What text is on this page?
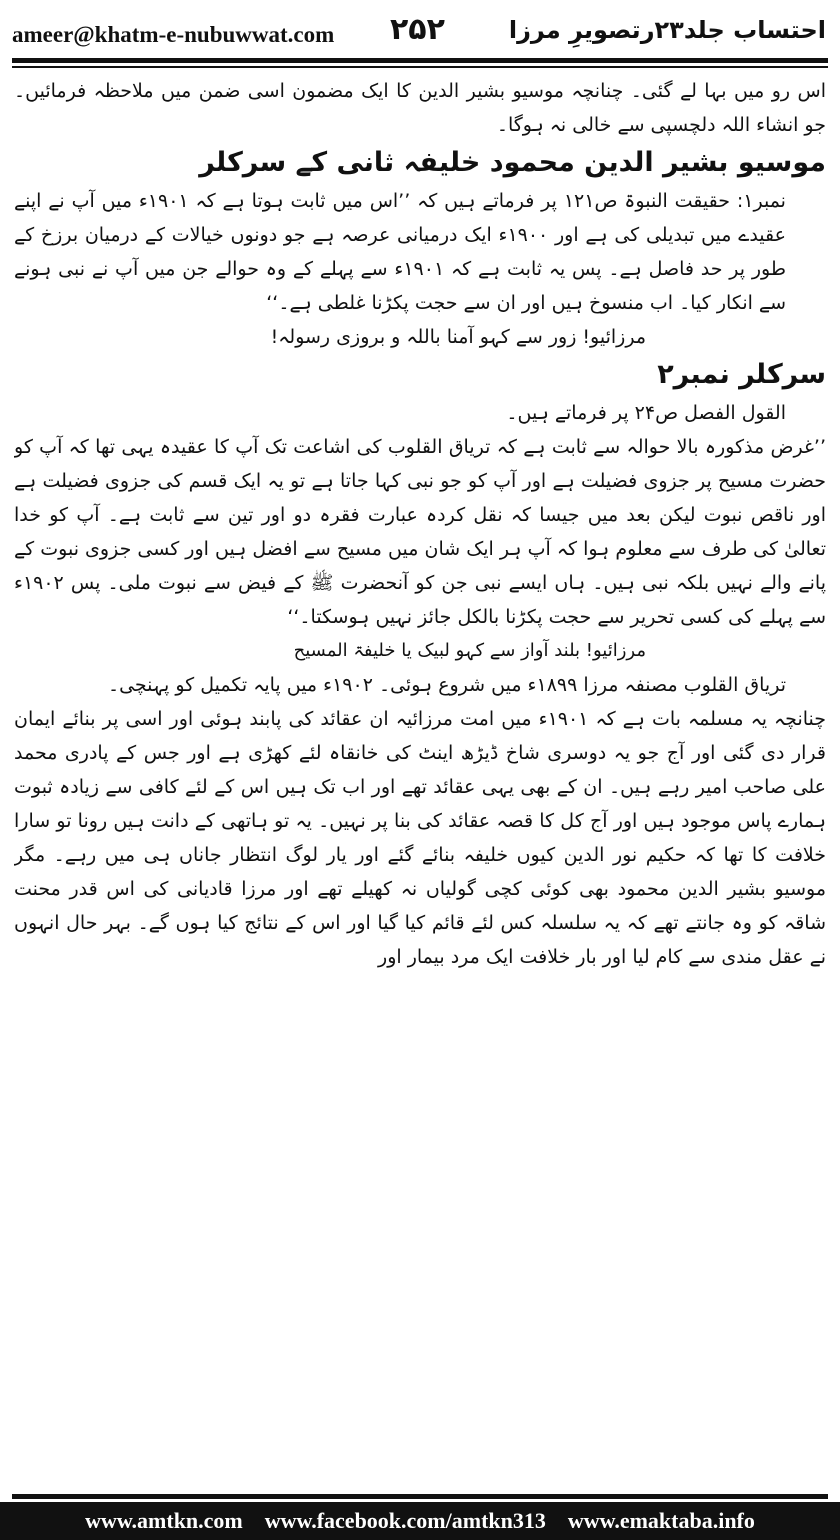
ameer@khatm-e-nubuwwat.com ۲۵۲	احتساب جلد۲۳رتصویرِ مرزا

اس رو میں بہا لے گئی۔ چنانچہ موسیو بشیر الدین کا ایک مضمون اسی ضمن میں ملاحظہ فرمائیں۔ جو انشاء اللہ دلچسپی سے خالی نہ ہوگا۔

موسیو بشیر الدین محمود خلیفہ ثانی کے سرکلر

نمبر۱: حقیقت النبوۃ ص۱۲۱ پر فرماتے ہیں کہ ’’اس میں ثابت ہوتا ہے کہ ۱۹۰۱ء میں آپ نے اپنے عقیدے میں تبدیلی کی ہے اور ۱۹۰۰ء ایک درمیانی عرصہ ہے جو دونوں خیالات کے درمیان برزخ کے طور پر حد فاصل ہے۔ پس یہ ثابت ہے کہ ۱۹۰۱ء سے پہلے کے وہ حوالے جن میں آپ نے نبی ہونے سے انکار کیا۔ اب منسوخ ہیں اور ان سے حجت پکڑنا غلطی ہے۔‘‘

مرزائیو! زور سے کہو آمنا باللہ و بروزی رسولہ!

سرکلر نمبر۲

القول الفصل ص۲۴ پر فرماتے ہیں۔

’’غرض مذکورہ بالا حوالہ سے ثابت ہے کہ تریاق القلوب کی اشاعت تک آپ کا عقیدہ یہی تھا کہ آپ کو حضرت مسیح پر جزوی فضیلت ہے اور آپ کو جو نبی کہا جاتا ہے تو یہ ایک قسم کی جزوی فضیلت ہے اور ناقص نبوت لیکن بعد میں جیسا کہ نقل کردہ عبارت فقرہ دو اور تین سے ثابت ہے۔ آپ کو خدا تعالیٰ کی طرف سے معلوم ہوا کہ آپ ہر ایک شان میں مسیح سے افضل ہیں اور کسی جزوی نبوت کے پانے والے نہیں بلکہ نبی ہیں۔ ہاں ایسے نبی جن کو آنحضرت ﷺ کے فیض سے نبوت ملی۔ پس ۱۹۰۲ء سے پہلے کی کسی تحریر سے حجت پکڑنا بالکل جائز نہیں ہوسکتا۔‘‘

مرزائیو! بلند آواز سے کہو لبیک یا خلیفۃ المسیح

تریاق القلوب مصنفہ مرزا ۱۸۹۹ء میں شروع ہوئی۔ ۱۹۰۲ء میں پایہ تکمیل کو پہنچی۔

چنانچہ یہ مسلمہ بات ہے کہ ۱۹۰۱ء میں امت مرزائیہ ان عقائد کی پابند ہوئی اور اسی پر بنائے ایمان قرار دی گئی اور آج جو یہ دوسری شاخ ڈیڑھ اینٹ کی خانقاہ لئے کھڑی ہے اور جس کے پادری محمد علی صاحب امیر رہے ہیں۔ ان کے بھی یہی عقائد تھے اور اب تک ہیں اس کے لئے کافی سے زیادہ ثبوت ہمارے پاس موجود ہیں اور آج کل کا قصہ عقائد کی بنا پر نہیں۔ یہ تو ہاتھی کے دانت ہیں رونا تو سارا خلافت کا تھا کہ حکیم نور الدین کیوں خلیفہ بنائے گئے اور یار لوگ انتظار جاناں ہی میں رہے۔ مگر موسیو بشیر الدین محمود بھی کوئی کچی گولیاں نہ کھیلے تھے اور مرزا قادیانی کی اس قدر محنت شاقہ کو وہ جانتے تھے کہ یہ سلسلہ کس لئے قائم کیا گیا اور اس کے نتائج کیا ہوں گے۔ بہر حال انہوں نے عقل مندی سے کام لیا اور بار خلافت ایک مرد بیمار اور

www.amtkn.com www.facebook.com/amtkn313 www.emaktaba.info
